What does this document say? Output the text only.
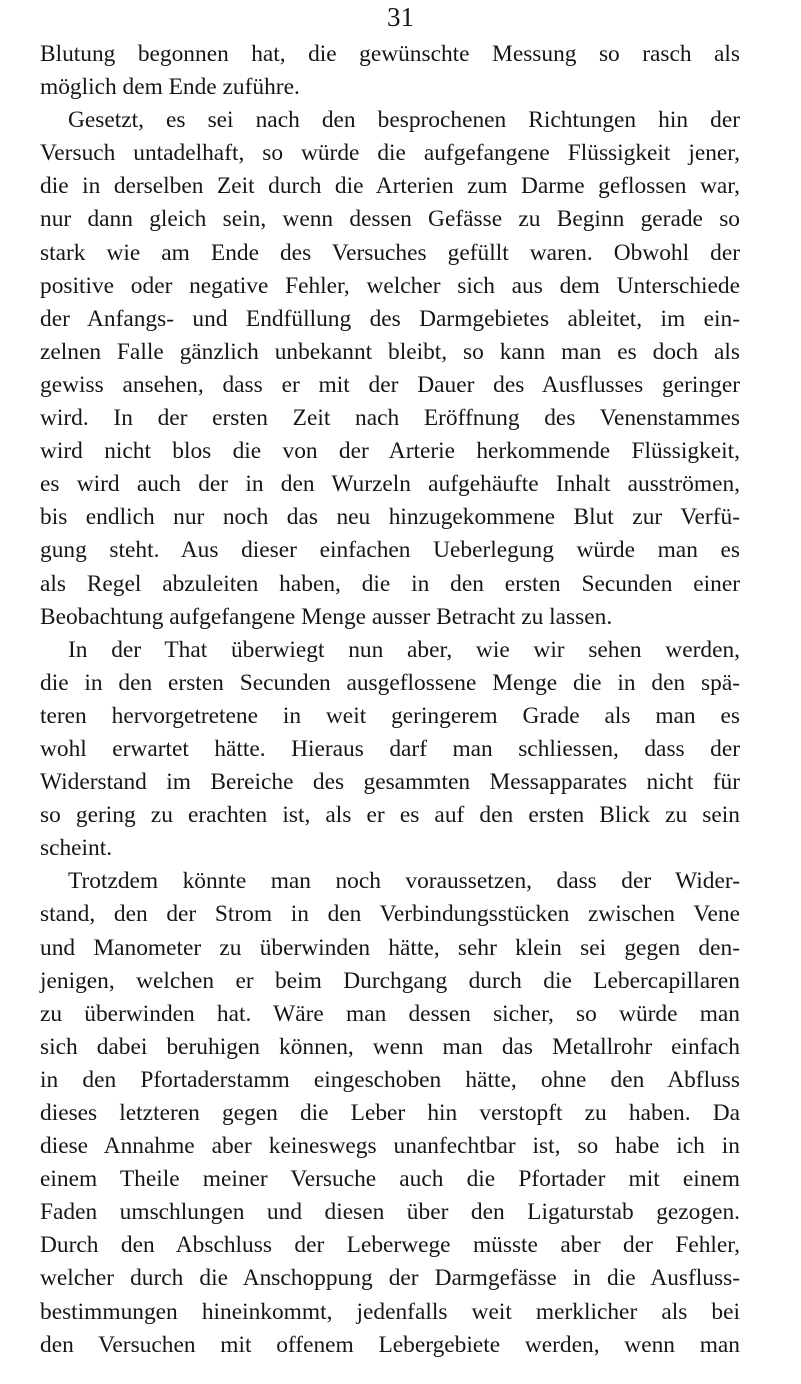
31
Blutung begonnen hat, die gewünschte Messung so rasch als
möglich dem Ende zuführe.
Gesetzt, es sei nach den besprochenen Richtungen hin der
Versuch untadelhaft, so würde die aufgefangene Flüssigkeit jener,
die in derselben Zeit durch die Arterien zum Darme geflossen war,
nur dann gleich sein, wenn dessen Gefässe zu Beginn gerade so
stark wie am Ende des Versuches gefüllt waren. Obwohl der
positive oder negative Fehler, welcher sich aus dem Unterschiede
der Anfangs- und Endfüllung des Darmgebietes ableitet, im ein-
zelnen Falle gänzlich unbekannt bleibt, so kann man es doch als
gewiss ansehen, dass er mit der Dauer des Ausflusses geringer
wird. In der ersten Zeit nach Eröffnung des Venenstammes
wird nicht blos die von der Arterie herkommende Flüssigkeit,
es wird auch der in den Wurzeln aufgehäufte Inhalt ausströmen,
bis endlich nur noch das neu hinzugekommene Blut zur Verfü-
gung steht. Aus dieser einfachen Ueberlegung würde man es
als Regel abzuleiten haben, die in den ersten Secunden einer
Beobachtung aufgefangene Menge ausser Betracht zu lassen.
In der That überwiegt nun aber, wie wir sehen werden,
die in den ersten Secunden ausgeflossene Menge die in den spä-
teren hervorgetretene in weit geringerem Grade als man es
wohl erwartet hätte. Hieraus darf man schliessen, dass der
Widerstand im Bereiche des gesammten Messapparates nicht für
so gering zu erachten ist, als er es auf den ersten Blick zu sein
scheint.
Trotzdem könnte man noch voraussetzen, dass der Wider-
stand, den der Strom in den Verbindungsstücken zwischen Vene
und Manometer zu überwinden hätte, sehr klein sei gegen den-
jenigen, welchen er beim Durchgang durch die Lebercapillaren
zu überwinden hat. Wäre man dessen sicher, so würde man
sich dabei beruhigen können, wenn man das Metallrohr einfach
in den Pfortaderstamm eingeschoben hätte, ohne den Abfluss
dieses letzteren gegen die Leber hin verstopft zu haben. Da
diese Annahme aber keineswegs unanfechtbar ist, so habe ich in
einem Theile meiner Versuche auch die Pfortader mit einem
Faden umschlungen und diesen über den Ligaturstab gezogen.
Durch den Abschluss der Leberwege müsste aber der Fehler,
welcher durch die Anschoppung der Darmgefässe in die Ausfluss-
bestimmungen hineinkommt, jedenfalls weit merklicher als bei
den Versuchen mit offenem Lebergebiete werden, wenn man
